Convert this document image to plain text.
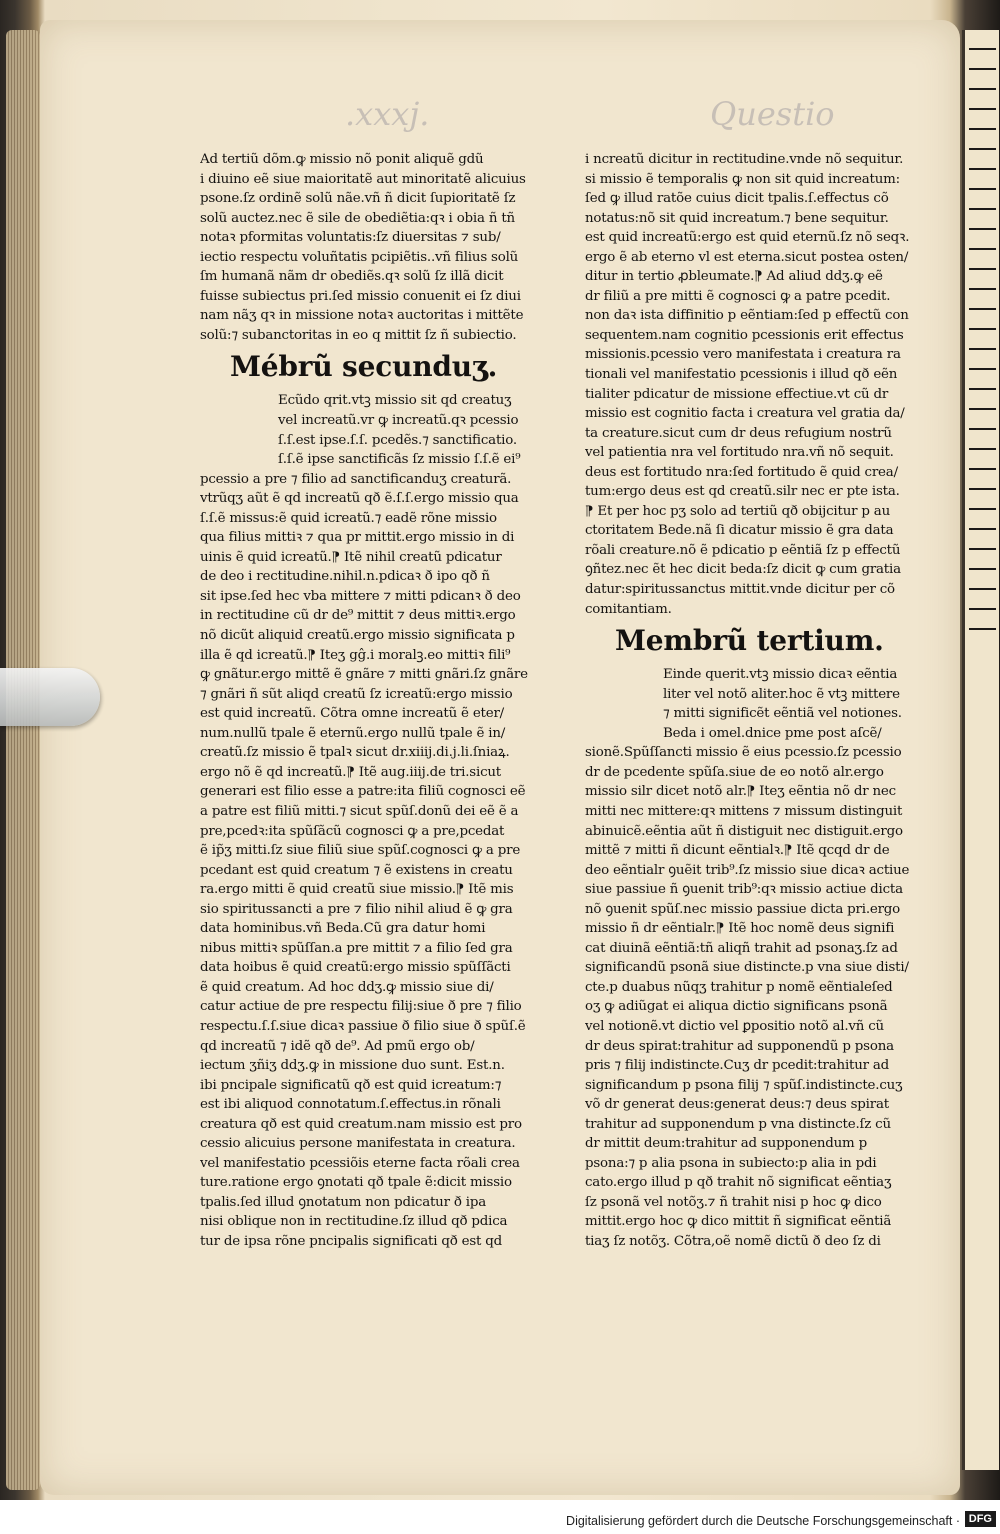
.xxxj.	Questio
Ad tertiũ dõm.ꝙ missio nõ ponit aliquẽ gdũ
i diuino eẽ siue maioritatẽ aut minoritatẽ alicuius
psone.ſz ordinẽ solũ nãe.vñ ñ dicit ſupioritatẽ ſz
solũ auctez.nec ẽ sile de obediẽtia:qꝛ i obia ñ tñ
notaꝛ pformitas voluntatis:ſz diuersitas ⁊ sub/
iectio respectu voluñtatis pcipiẽtis..vñ filius solũ
ſm humanã nãm dr obediẽs.qꝛ solũ ſz illã dicit
fuisse subiectus pri.ſed missio conuenit ei ſz diui
nam nãʒ qꝛ in missione notaꝛ auctoritas i mittẽte
solũ:⁊ subanctoritas in eo q mittit ſz ñ subiectio.
Mébrũ secunduʒ.
Ecũdo qrit.vtꝫ missio sit qd creatuʒ
vel increatũ.vr ꝙ increatũ.qꝛ pcessio
ſ.ſ.est ipse.ſ.ſ. pcedẽs.⁊ sanctificatio.
ſ.ſ.ẽ ipse sanctificãs ſz missio ſ.ſ.ẽ ei⁹
pcessio a pre ⁊ filio ad sanctificanduʒ creaturã.
vtrũqʒ aũt ẽ qd increatũ qð ẽ.ſ.ſ.ergo missio qua
ſ.ſ.ẽ missus:ẽ quid icreatũ.⁊ eadẽ rõne missio
qua filius mittiꝛ ⁊ qua pr mittit.ergo missio in di
uinis ẽ quid icreatũ.⁋ Itẽ nihil creatũ pdicatur
de deo i rectitudine.nihil.n.pdicaꝛ ð ipo qð ñ
sit ipse.ſed hec vba mittere ⁊ mitti pdicanꝛ ð deo
in rectitudine cũ dr de⁹ mittit ⁊ deus mittiꝛ.ergo
nõ dicũt aliquid creatũ.ergo missio significata p
illa ẽ qd icreatũ.⁋ Iteʒ gĝ.i moralꝫ.eo mittiꝛ fili⁹
ꝙ gnãtur.ergo mittẽ ẽ gnãre ⁊ mitti gnãri.ſz gnãre
⁊ gnãri ñ sũt aliqd creatũ ſz icreatũ:ergo missio
est quid increatũ. Cõtra omne increatũ ẽ eter/
num.nullũ tpale ẽ eternũ.ergo nullũ tpale ẽ in/
creatũ.ſz missio ẽ tpalꝛ sicut dr.xiiij.di.j.li.ſniaꝝ.
ergo nõ ẽ qd increatũ.⁋ Itẽ aug.iiij.de tri.sicut
generari est filio esse a patre:ita filiũ cognosci eẽ
a patre est filiũ mitti.⁊ sicut spũſ.donũ dei eẽ ẽ a
pre,pcedꝛ:ita spũſãcũ cognosci ꝙ a pre,pcedat
ẽ ip̃ʒ mitti.ſz siue filiũ siue spũſ.cognosci ꝙ a pre
pcedant est quid creatum ⁊ ẽ existens in creatu
ra.ergo mitti ẽ quid creatũ siue missio.⁋ Itẽ mis
sio spiritussancti a pre ⁊ filio nihil aliud ẽ ꝙ gra
data hominibus.vñ Beda.Cũ gra datur homi
nibus mittiꝛ spũſſan.a pre mittit ⁊ a filio ſed gra
data hoibus ẽ quid creatũ:ergo missio spũſſãcti
ẽ quid creatum. Ad hoc ddʒ.ꝙ missio siue di/
catur actiue de pre respectu filij:siue ð pre ⁊ filio
respectu.ſ.ſ.siue dicaꝛ passiue ð filio siue ð spũſ.ẽ
qd increatũ ⁊ idẽ qð de⁹. Ad pmũ ergo ob/
iectum ʒñiʒ ddʒ.ꝙ in missione duo sunt. Est.n.
ibi pncipale significatũ qð est quid icreatum:⁊
est ibi aliquod connotatum.ſ.effectus.in rõnali
creatura qð est quid creatum.nam missio est pro
cessio alicuius persone manifestata in creatura.
vel manifestatio pcessiõis eterne facta rõali crea
ture.ratione ergo ꝯnotati qð tpale ẽ:dicit missio
tpalis.ſed illud ꝯnotatum non pdicatur ð ipa
nisi oblique non in rectitudine.ſz illud qð pdica
tur de ipsa rõne pncipalis significati qð est qd
i ncreatũ dicitur in rectitudine.vnde nõ sequitur.
si missio ẽ temporalis ꝙ non sit quid increatum:
ſed ꝙ illud ratõe cuius dicit tpalis.ſ.effectus cõ
notatus:nõ sit quid increatum.⁊ bene sequitur.
est quid increatũ:ergo est quid eternũ.ſz nõ seqꝛ.
ergo ẽ ab eterno vl est eterna.sicut postea osten/
ditur in tertio ꝓbleumate.⁋ Ad aliud ddʒ.ꝙ eẽ
dr filiũ a pre mitti ẽ cognosci ꝙ a patre pcedit.
non daꝛ ista diffinitio p eẽntiam:ſed p effectũ con
sequentem.nam cognitio pcessionis erit effectus
missionis.pcessio vero manifestata i creatura ra
tionali vel manifestatio pcessionis i illud qð eẽn
tialiter pdicatur de missione effectiue.vt cũ dr
missio est cognitio facta i creatura vel gratia da/
ta creature.sicut cum dr deus refugium nostrũ
vel patientia nra vel fortitudo nra.vñ nõ sequit.
deus est fortitudo nra:ſed fortitudo ẽ quid crea/
tum:ergo deus est qd creatũ.silr nec er pte ista.
⁋ Et per hoc pʒ solo ad tertiũ qð obijcitur p au
ctoritatem Bede.nã ſi dicatur missio ẽ gra data
rõali creature.nõ ẽ pdicatio p eẽntiã ſz p effectũ
ꝯñtez.nec ẽt hec dicit beda:ſz dicit ꝙ cum gratia
datur:spiritussanctus mittit.vnde dicitur per cõ
comitantiam.
Membrũ tertium.
Einde querit.vtꝫ missio dicaꝛ eẽntia
liter vel notõ aliter.hoc ẽ vtꝫ mittere
⁊ mitti significẽt eẽntiã vel notiones.
Beda i omel.dnice pme post aſcẽ/
sionẽ.Spũſſancti missio ẽ eius pcessio.ſz pcessio
dr de pcedente spũſa.siue de eo notõ alr.ergo
missio silr dicet notõ alr.⁋ Iteʒ eẽntia nõ dr nec
mitti nec mittere:qꝛ mittens ⁊ missum distinguit
abinuicẽ.eẽntia aũt ñ distiguit nec distiguit.ergo
mittẽ ⁊ mitti ñ dicunt eẽntialꝛ.⁋ Itẽ qcqd dr de
deo eẽntialr ꝯuẽit trib⁹.ſz missio siue dicaꝛ actiue
siue passiue ñ ꝯuenit trib⁹:qꝛ missio actiue dicta
nõ ꝯuenit spũſ.nec missio passiue dicta pri.ergo
missio ñ dr eẽntialr.⁋ Itẽ hoc nomẽ deus signifi
cat diuinã eẽntiã:tñ aliqñ trahit ad psonaʒ.ſz ad
significandũ psonã siue distincte.p vna siue disti/
cte.p duabus nũqʒ trahitur p nomẽ eẽntialeſed
oʒ ꝙ adiũgat ei aliqua dictio significans psonã
vel notionẽ.vt dictio vel ꝑpositio notõ al.vñ cũ
dr deus spirat:trahitur ad supponendũ p psona
pris ⁊ filij indistincte.Cuʒ dr pcedit:trahitur ad
significandum p psona filij ⁊ spũſ.indistincte.cuʒ
võ dr generat deus:generat deus:⁊ deus spirat
trahitur ad supponendum p vna distincte.ſz cũ
dr mittit deum:trahitur ad supponendum p
psona:⁊ p alia psona in subiecto:p alia in pdi
cato.ergo illud p qð trahit nõ significat eẽntiaʒ
ſz psonã vel notõʒ.⁊ ñ trahit nisi p hoc ꝙ dico
mittit.ergo hoc ꝙ dico mittit ñ significat eẽntiã
tiaʒ ſz notõʒ. Cõtra,oẽ nomẽ dictũ ð deo ſz di
Digitalisierung gefördert durch die Deutsche Forschungsgemeinschaft · DFG
